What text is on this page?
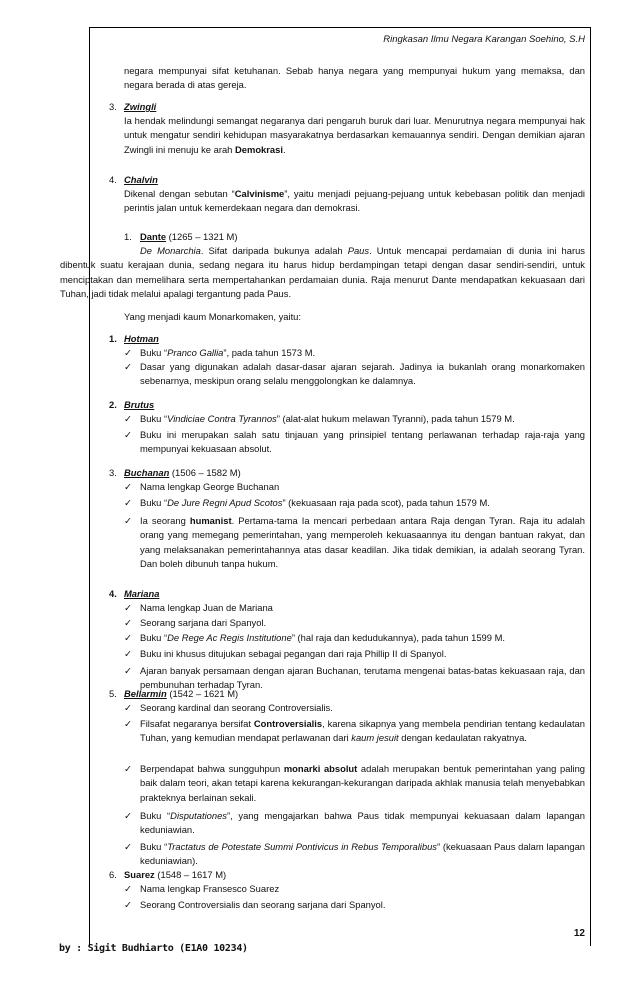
Ringkasan Ilmu Negara Karangan Soehino, S.H
negara mempunyai sifat ketuhanan. Sebab hanya negara yang mempunyai hukum yang memaksa, dan negara berada di atas gereja.
3. Zwingli
Ia hendak melindungi semangat negaranya dari pengaruh buruk dari luar. Menurutnya negara mempunyai hak untuk mengatur sendiri kehidupan masyarakatnya berdasarkan kemauannya sendiri. Dengan demikian ajaran Zwingli ini menuju ke arah Demokrasi.
4. Chalvin
Dikenal dengan sebutan “Calvinisme”, yaitu menjadi pejuang-pejuang untuk kebebasan politik dan menjadi perintis jalan untuk kemerdekaan negara dan demokrasi.
1. Dante (1265 – 1321 M)
De Monarchia. Sifat daripada bukunya adalah Paus. Untuk mencapai perdamaian di dunia ini harus dibentuk suatu kerajaan dunia, sedang negara itu harus hidup berdampingan tetapi dengan dasar sendiri-sendiri, untuk menciptakan dan memelihara serta mempertahankan perdamaian dunia. Raja menurut Dante mendapatkan kekuasaan dari Tuhan, jadi tidak melalui apalagi tergantung pada Paus.
Yang menjadi kaum Monarkomaken, yaitu:
1. Hotman
✓ Buku “Pranco Gallia”, pada tahun 1573 M.
✓ Dasar yang digunakan adalah dasar-dasar ajaran sejarah. Jadinya ia bukanlah orang monarkomaken sebenarnya, meskipun orang selalu menggolongkan ke dalamnya.
2. Brutus
✓ Buku “Vindiciae Contra Tyrannos” (alat-alat hukum melawan Tyranni), pada tahun 1579 M.
✓ Buku ini merupakan salah satu tinjauan yang prinsipiel tentang perlawanan terhadap raja-raja yang mempunyai kekuasaan absolut.
3. Buchanan (1506 – 1582 M)
✓ Nama lengkap George Buchanan
✓ Buku “De Jure Regni Apud Scotos” (kekuasaan raja pada scot), pada tahun 1579 M.
✓ Ia seorang humanist. Pertama-tama Ia mencari perbedaan antara Raja dengan Tyran. Raja itu adalah orang yang memegang pemerintahan, yang memperoleh kekuasaannya itu dengan bantuan rakyat, dan yang melaksanakan pemerintahannya atas dasar keadilan. Jika tidak demikian, ia adalah seorang Tyran. Dan boleh dibunuh tanpa hukum.
4. Mariana
✓ Nama lengkap Juan de Mariana
✓ Seorang sarjana dari Spanyol.
✓ Buku “De Rege Ac Regis Institutione” (hal raja dan kedudukannya), pada tahun 1599 M.
✓ Buku ini khusus ditujukan sebagai pegangan dari raja Phillip II di Spanyol.
✓ Ajaran banyak persamaan dengan ajaran Buchanan, terutama mengenai batas-batas kekuasaan raja, dan pembunuhan terhadap Tyran.
5. Bellarmin (1542 – 1621 M)
✓ Seorang kardinal dan seorang Controversialis.
✓ Filsafat negaranya bersifat Controversialis, karena sikapnya yang membela pendirian tentang kedaulatan Tuhan, yang kemudian mendapat perlawanan dari kaum jesuit dengan kedaulatan rakyatnya.
✓ Berpendapat bahwa sungguhpun monarki absolut adalah merupakan bentuk pemerintahan yang paling baik dalam teori, akan tetapi karena kekurangan-kekurangan daripada akhlak manusia telah menyebabkan prakteknya berlainan sekali.
✓ Buku “Disputationes”, yang mengajarkan bahwa Paus tidak mempunyai kekuasaan dalam lapangan keduniawian.
✓ Buku “Tractatus de Potestate Summi Pontivicus in Rebus Temporalibus” (kekuasaan Paus dalam lapangan keduniawian).
6. Suarez (1548 – 1617 M)
✓ Nama lengkap Fransesco Suarez
✓ Seorang Controversialis dan seorang sarjana dari Spanyol.
12
by : Sigit Budhiarto (E1A0 10234)
